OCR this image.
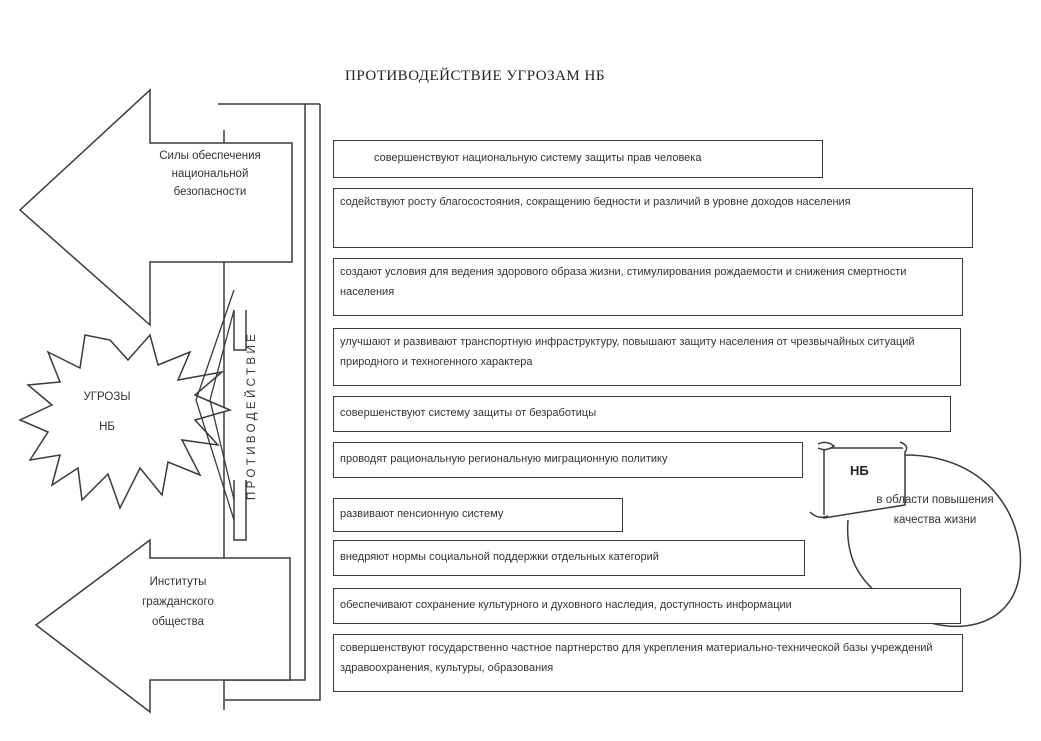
ПРОТИВОДЕЙСТВИЕ УГРОЗАМ НБ
Силы обеспечения национальной безопасности
Институты гражданского общества
УГРОЗЫ
НБ	ПРОТИВОДЕЙСТВИЕ
совершенствуют национальную систему защиты прав человека
содействуют росту благосостояния, сокращению бедности и различий в уровне доходов населения
создают условия для ведения здорового образа жизни, стимулирования рождаемости и снижения смертности населения
улучшают и развивают транспортную инфраструктуру, повышают защиту населения от чрезвычайных ситуаций природного и техногенного характера
совершенствуют систему защиты от безработицы
проводят рациональную региональную миграционную политику
развивают пенсионную систему
внедряют нормы социальной поддержки отдельных категорий
обеспечивают сохранение культурного и духовного наследия, доступность информации
совершенствуют государственно частное партнерство для укрепления материально-технической базы учреждений здравоохранения, культуры, образования
НБ
в области повышения качества жизни
